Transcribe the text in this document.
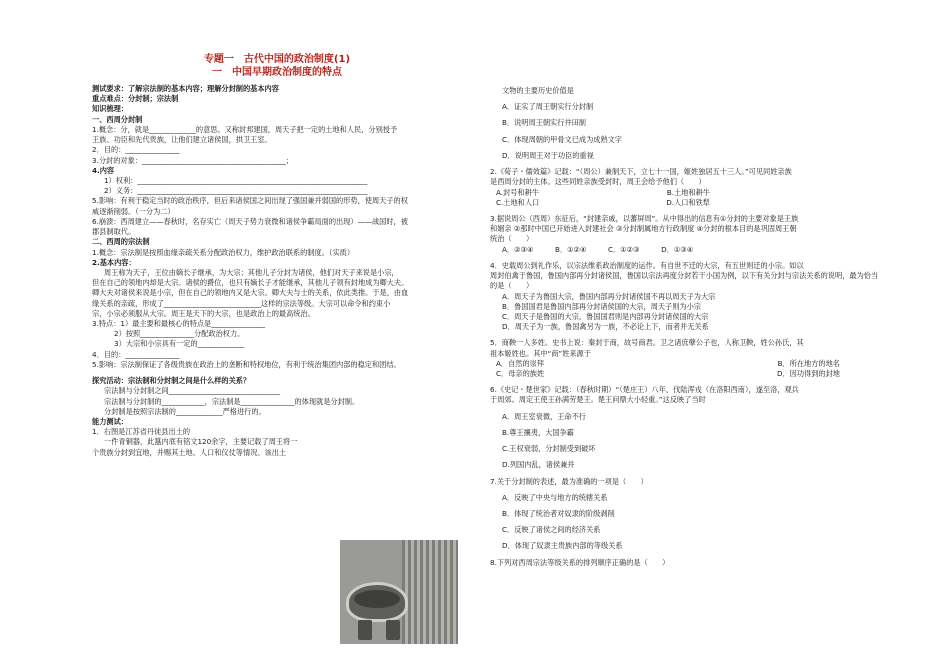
专题一　古代中国的政治制度(1)
一　中国早期政治制度的特点
测试要求：了解宗法制的基本内容；理解分封制的基本内容
重点难点：分封制；宗法制
知识梳理：
一、西周分封制
1.概念：分，就是_____________的意思。又称封邦建国，周天子把一定的土地和人民，分别授予
王族、功臣和先代贵族，让他们建立诸侯国，拱卫王室。
2．目的：_______________
3.分封的对象：________________________________________；
4.内容
1）权利：________________________________________________________________
2）义务：________________________________________________________________
5.影响：有利于稳定当时的政治秩序，但后来诸侯国之间出现了强国兼并弱国的形势，使周天子的权
威逐渐削弱。（一分为二）
6.崩溃：西周建立——春秋时，名存实亡（周天子势力衰微和诸侯争霸局面的出现）——战国时，被
郡县制取代。
二、西周的宗法制
1.概念：宗法制是按照血缘亲疏关系分配政治权力，维护政治联系的制度。（实质）
2.基本内容：
周王称为天子，王位由嫡长子继承，为大宗；其他儿子分封为诸侯，他们对天子来说是小宗，
但在自己的领地内却是大宗。诸侯的爵位，也只有嫡长子才能继承，其他儿子领有封地成为卿大夫。
卿大夫对诸侯来说是小宗，但在自己的领地内又是大宗。卿大夫与士的关系，依此类推。于是，由血
缘关系的亲疏，形成了___________________________这样的宗法等级。大宗可以命令和约束小
宗，小宗必须服从大宗。周王是天下的大宗，也是政治上的最高统治。
3.特点：1）最主要和最核心的特点是_______________
2）按照_______________分配政治权力。
3）大宗和小宗具有一定的_____________
4．目的：_______________
5.影响：宗法制保证了各级贵族在政治上的垄断和特权地位，有利于统治集团内部的稳定和团结。
探究活动：宗法制和分封制之间是什么样的关系？
宗法制与分封制之间_______________________________
宗法制与分封制的____________，宗法制是_______________的体现就是分封制。
分封制是按照宗法制的_____________严格进行的。
能力测试：
1．右图是江苏省丹徒县出土的
一件青铜器，此簋内底有铭文120余字，主要记载了周王将一
个贵族分封到宜地，并赐其土地、人口和仪仗等情况。该出土
文物的主要历史价值是
A．证实了周王朝实行分封制
B．说明周王朝实行井田制
C．体现周朝的甲骨文已成为成熟文字
D．说明周王对于功臣的重视
2.《荀子・儒效篇》记载：“（周公）兼制天下，立七十一国，姬姓独居五十三人。”可见同姓亲族
是西周分封的主体。这些同姓亲族受封时，周王会给予他们（　　）
A.封号和耕牛	B.土地和耕牛
C.土地和人口	D.人口和铁犁
3.据说周公（西周）东征后，“封建亲戚，以蕃屏周”。从中得出的信息有①分封的主要对象是王族
和姻亲 ②那时中国已开始进入封建社会 ③分封制属地方行政制度 ④分封的根本目的是巩固周王朝
统治（　　）
A．②③④　　　B．①②④　　　C．①②③　　　D．①③④
4．史载周公到礼作乐，以宗法维系政治制度的运作。有自世不迁的大宗，有五世则迁的小宗。如以
周封伯禽于鲁国，鲁国内部再分封诸侯国，鲁国以宗法再度分封若干小国为例，以下有关分封与宗法关系的说明，最为恰当
的是（　　）
A．周天子为鲁国大宗，鲁国内部再分封诸侯国不再以周天子为大宗
B．鲁国国君是鲁国内部再分封诸侯国的大宗，周天子则为小宗
C．周天子是鲁国的大宗，鲁国国君则是内部再分封诸侯国的大宗
D．周天子为一族，鲁国禽另为一族，不必论上下，而者并无关系
5．商鞅一人多姓。史书上说：秦封于商，故号商君。卫之诸庶孽公子也，人称卫鞅，姓公孙氏，其
祖本姬姓也。其中“商”姓来源于
A．自然的崇拜	B．所在地方的地名
C．母亲的族姓	D．因功得到的封地
6.《史记・楚世家》记载：（春秋时期）“（楚庄王）八年，伐陆浑戎（在洛阳西南），遂至洛，观兵
于周郊。周定王使王孙满劳楚王。楚王问鼎大小轻重。”这反映了当时
A．周王室衰微，王命不行
B.尊王攘夷，大国争霸
C.王权衰弱，分封制受到破坏
D.列国内乱，诸侯兼并
7.关于分封制的表述，最为准确的一项是（　　）
A．反映了中央与地方的统辖关系
B．体现了统治者对奴隶的阶级剥削
C．反映了诸侯之间的经济关系
D．体现了奴隶主贵族内部的等级关系
8.下列对西周宗法等级关系的排列顺序正确的是（　　）
